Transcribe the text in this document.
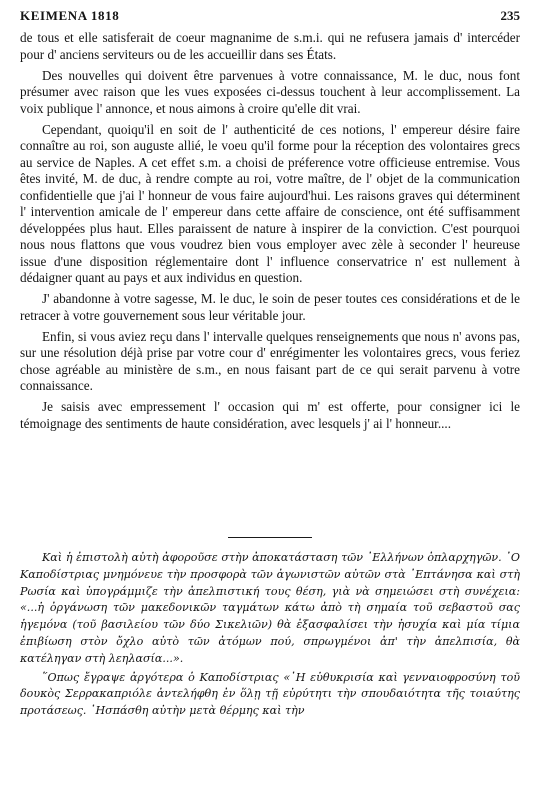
ΚΕΙΜΕΝΑ 1818	235

de tous et elle satisferait de coeur magnanime de s.m.i. qui ne refusera jamais d' intercéder pour d' anciens serviteurs ou de les accueillir dans ses États.

Des nouvelles qui doivent être parvenues à votre connaissance, M. le duc, nous font présumer avec raison que les vues exposées ci-dessus touchent à leur accomplissement. La voix publique l' annonce, et nous aimons à croire qu'elle dit vrai.

Cependant, quoiqu'il en soit de l' authenticité de ces notions, l' empereur désire faire connaître au roi, son auguste allié, le voeu qu'il forme pour la réception des volontaires grecs au service de Naples. A cet effet s.m. a choisi de préference votre officieuse entremise. Vous êtes invité, M. de duc, à rendre compte au roi, votre maître, de l' objet de la communication confidentielle que j'ai l' honneur de vous faire aujourd'hui. Les raisons graves qui déterminent l' intervention amicale de l' empereur dans cette affaire de conscience, ont été suffisamment développées plus haut. Elles paraissent de nature à inspirer de la conviction. C'est pourquoi nous nous flattons que vous voudrez bien vous employer avec zèle à seconder l' heureuse issue d'une disposition réglementaire dont l' influence conservatrice n' est nullement à dédaigner quant au pays et aux individus en question.

J' abandonne à votre sagesse, M. le duc, le soin de peser toutes ces considérations et de le retracer à votre gouvernement sous leur véritable jour.

Enfin, si vous aviez reçu dans l' intervalle quelques renseignements que nous n' avons pas, sur une résolution déjà prise par votre cour d' enrégimenter les volontaires grecs, vous feriez chose agréable au ministère de s.m., en nous faisant part de ce qui serait parvenu à votre connaissance.

Je saisis avec empressement l' occasion qui m' est offerte, pour consigner ici le témoignage des sentiments de haute considération, avec lesquels j' ai l' honneur....

Καὶ ἡ ἐπιστολὴ αὐτὴ ἀφοροῦσε στὴν ἀποκατάσταση τῶν ᾿Ελλήνων ὁπλαρχηγῶν. ᾿Ο Καποδίστριας μνημόνευε τὴν προσφορὰ τῶν ἀγωνιστῶν αὐτῶν στὰ ᾿Επτάνησα καὶ στὴ Ρωσία καὶ ὑπογράμμιζε τὴν ἀπελπιστική τους θέση, γιὰ νὰ σημειώσει στὴ συνέχεια: «...ἡ ὀργάνωση τῶν μακεδονικῶν ταγμάτων κάτω ἀπὸ τὴ σημαία τοῦ σεβαστοῦ σας ἡγεμόνα (τοῦ βασιλείου τῶν δύο Σικελιῶν) θὰ ἐξασφαλίσει τὴν ἡσυχία καὶ μία τίμια ἐπιβίωση στὸν ὄχλο αὐτὸ τῶν ἀτόμων πού, σπρωγμένοι ἀπ' τὴν ἀπελπισία, θὰ κατέληγαν στὴ λεηλασία...».

῞Οπως ἔγραψε ἀργότερα ὁ Καποδίστριας «῾Η εὐθυκρισία καὶ γενναιοφροσύνη τοῦ δουκὸς Σερρακαπριόλε ἀντελήφθη ἐν ὅλῃ τῇ εὐρύτητι τὴν σπουδαιότητα τῆς τοιαύτης προτάσεως. ῾Ησπάσθη αὐτὴν μετὰ θέρμης καὶ τὴν
